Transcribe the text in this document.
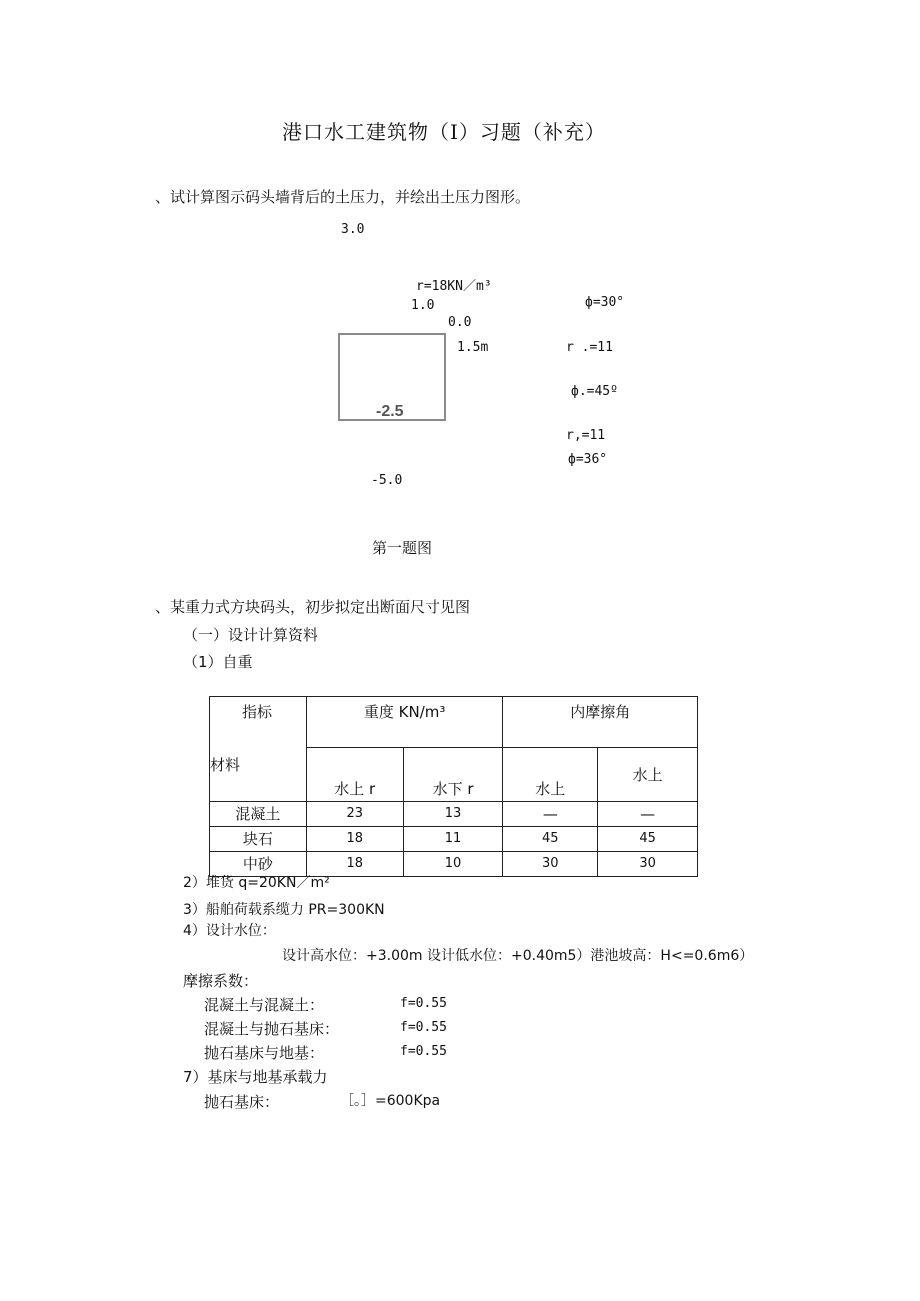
港口水工建筑物（I）习题（补充）
、试计算图示码头墙背后的土压力，并绘出土压力图形。
3.0
r=18KN／m³
1.0	ф=30°
0.0
-2.5
1.5m	r .=11
ф.=45º
r,=11
ф=36°
-5.0
第一题图
、某重力式方块码头，初步拟定出断面尺寸见图
（一）设计计算资料
（1）自重
指标	重度 KN/m³		内摩擦角	
材料	水上 r	水下 r	水上	水上
混凝土	23	13	—	—
块石	18	11	45	45
中砂	18	10	30	30
2）堆货 q=20KN／m²
3）船舶荷载系缆力 PR=300KN
4）设计水位：
设计高水位：+3.00m 设计低水位：+0.40m5）港池坡高：H<=0.6m6）
摩擦系数：
混凝土与混凝土：	f=0.55
混凝土与抛石基床：	f=0.55
抛石基床与地基：	f=0.55
7）基床与地基承载力
抛石基床：	［。］=600Kpa
